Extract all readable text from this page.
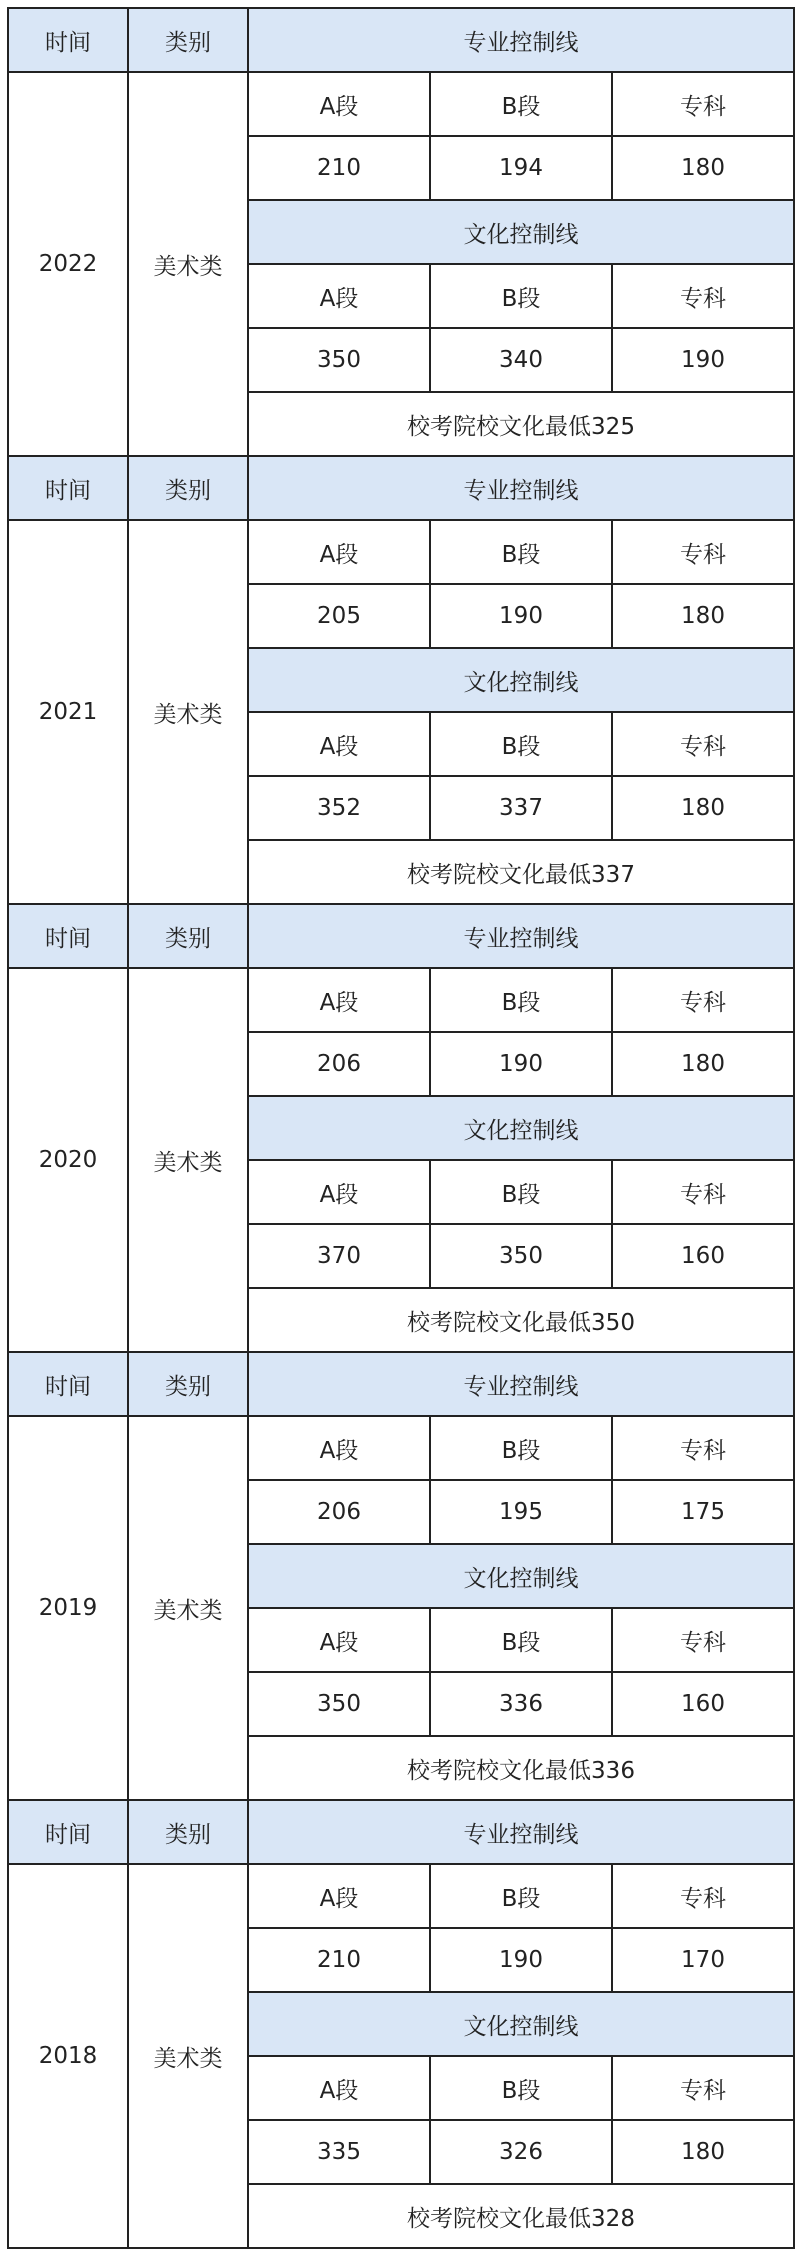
时间	类别	专业控制线		
2022	美术类	A段	B段	专科
		210	194	180
		文化控制线		
		A段	B段	专科
		350	340	190
		校考院校文化最低325		
时间	类别	专业控制线		
2021	美术类	A段	B段	专科
		205	190	180
		文化控制线		
		A段	B段	专科
		352	337	180
		校考院校文化最低337		
时间	类别	专业控制线		
2020	美术类	A段	B段	专科
		206	190	180
		文化控制线		
		A段	B段	专科
		370	350	160
		校考院校文化最低350		
时间	类别	专业控制线		
2019	美术类	A段	B段	专科
		206	195	175
		文化控制线		
		A段	B段	专科
		350	336	160
		校考院校文化最低336		
时间	类别	专业控制线		
2018	美术类	A段	B段	专科
		210	190	170
		文化控制线		
		A段	B段	专科
		335	326	180
		校考院校文化最低328		
